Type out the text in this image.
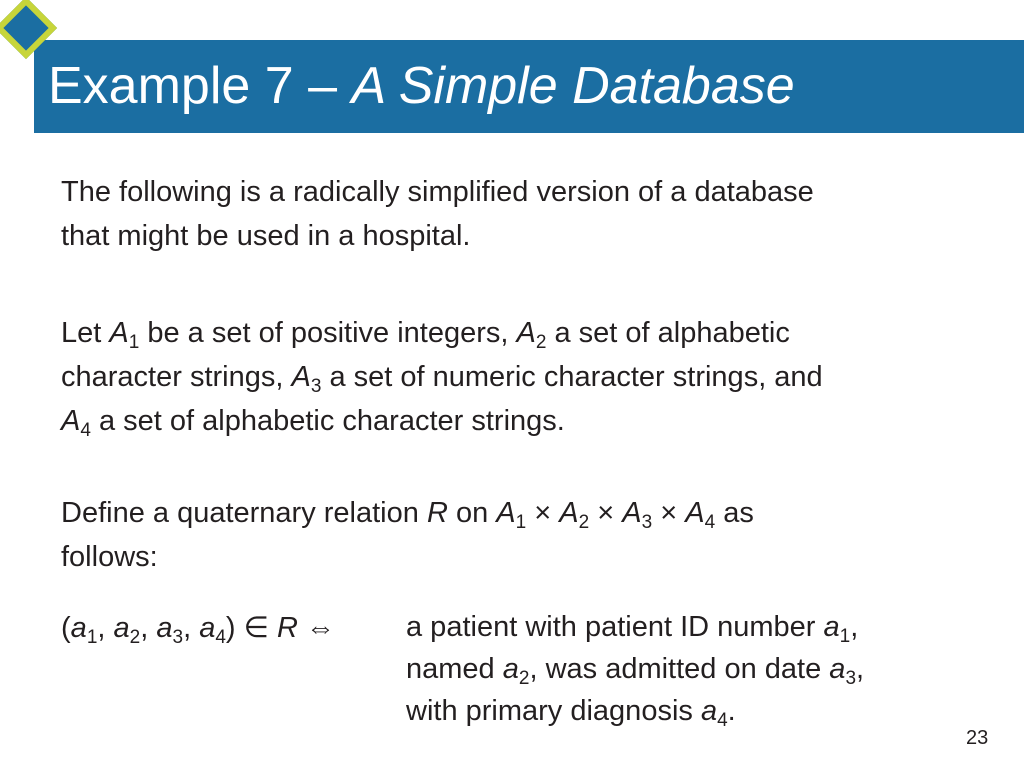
Example 7 – A Simple Database
The following is a radically simplified version of a database
that might be used in a hospital.
Let $A_1$ be a set of positive integers, $A_2$ a set of alphabetic
character strings, $A_3$ a set of numeric character strings, and
$A_4$ a set of alphabetic character strings.
Define a quaternary relation R on $A_1 \times A_2 \times A_3 \times A_4$ as
follows:
($a_1$, $a_2$, $a_3$, $a_4$) ∈ R ⇔ a patient with patient ID number $a_1$,
named $a_2$, was admitted on date $a_3$,
with primary diagnosis $a_4$.
23
